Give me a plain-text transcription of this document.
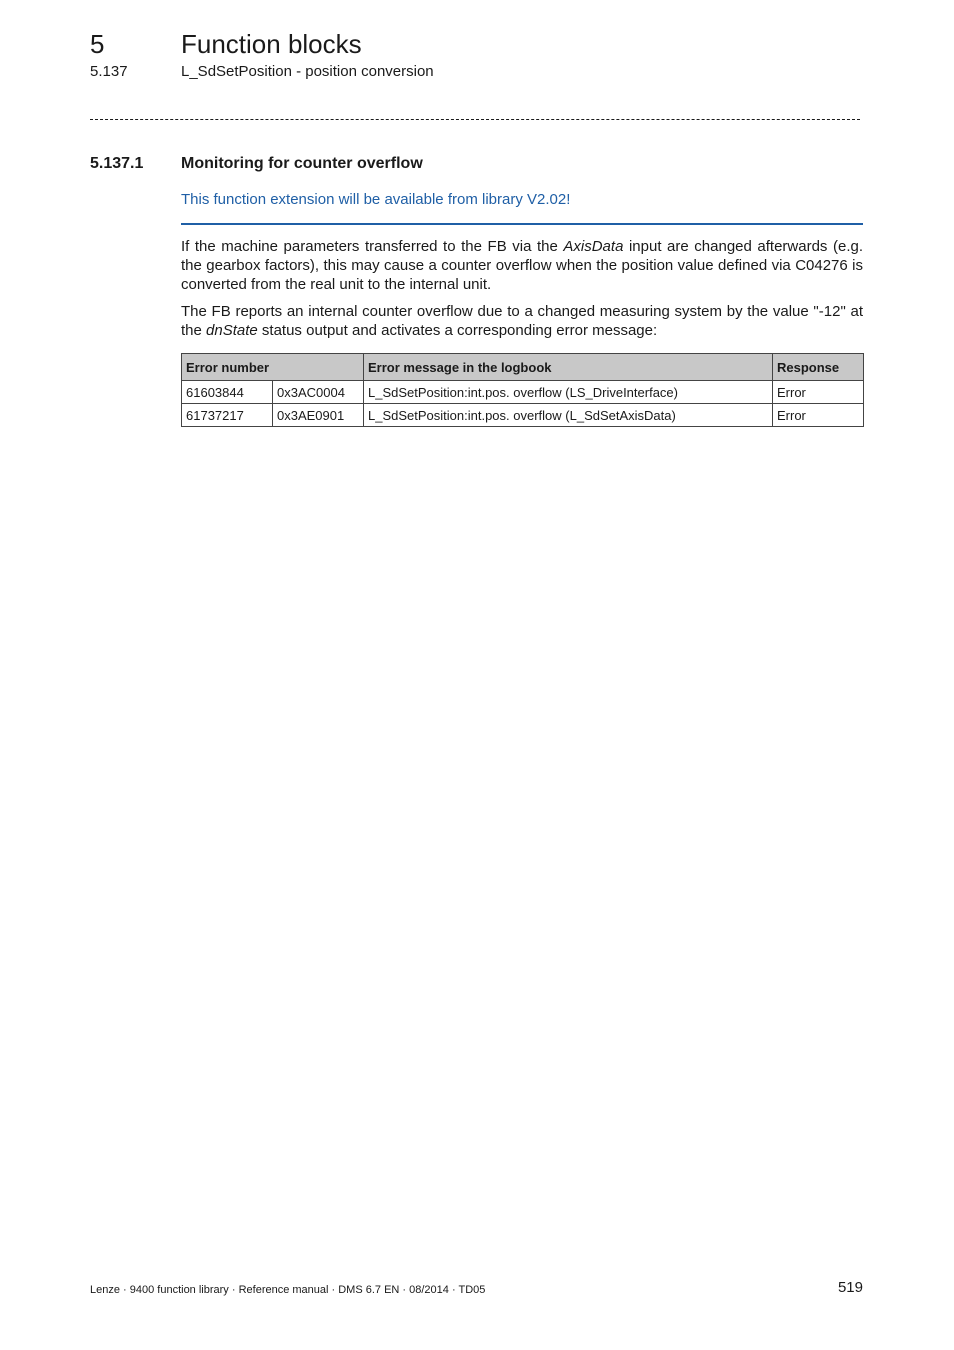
5	Function blocks
5.137	L_SdSetPosition - position conversion
5.137.1 Monitoring for counter overflow
This function extension will be available from library V2.02!

If the machine parameters transferred to the FB via the AxisData input are changed afterwards (e.g. the gearbox factors), this may cause a counter overflow when the position value defined via C04276 is converted from the real unit to the internal unit.

The FB reports an internal counter overflow due to a changed measuring system by the value "-12" at the dnState status output and activates a corresponding error message:

Error number		Error message in the logbook	Response
61603844	0x3AC0004	L_SdSetPosition:int.pos. overflow (LS_DriveInterface)	Error
61737217	0x3AE0901	L_SdSetPosition:int.pos. overflow (L_SdSetAxisData)	Error
Lenze · 9400 function library · Reference manual · DMS 6.7 EN · 08/2014 · TD05	519
